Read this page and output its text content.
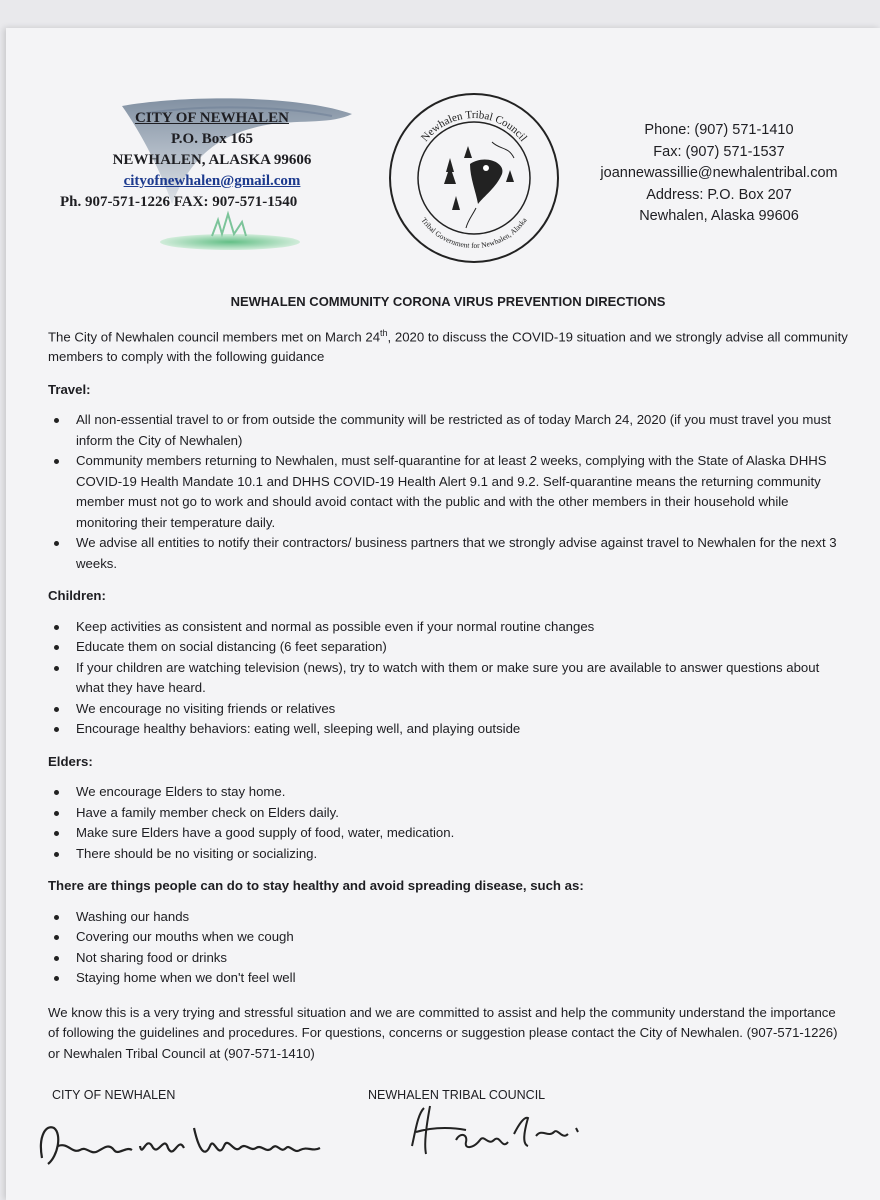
CITY OF NEWHALEN
P.O. Box 165
NEWHALEN, ALASKA 99606
cityofnewhalen@gmail.com
Ph. 907-571-1226 FAX: 907-571-1540
Newhalen Tribal Council
Tribal Government for Newhalen, Alaska
Phone: (907) 571-1410
Fax: (907) 571-1537
joannewassillie@newhalentribal.com
Address: P.O. Box 207
Newhalen, Alaska 99606
NEWHALEN COMMUNITY CORONA VIRUS PREVENTION DIRECTIONS

The City of Newhalen council members met on March 24th, 2020 to discuss the COVID-19 situation and we strongly advise all community members to comply with the following guidance

Travel:
All non-essential travel to or from outside the community will be restricted as of today March 24, 2020 (if you must travel you must inform the City of Newhalen)
Community members returning to Newhalen, must self-quarantine for at least 2 weeks, complying with the State of Alaska DHHS COVID-19 Health Mandate 10.1 and DHHS COVID-19 Health Alert 9.1 and 9.2. Self-quarantine means the returning community member must not go to work and should avoid contact with the public and with the other members in their household while monitoring their temperature daily.
We advise all entities to notify their contractors/ business partners that we strongly advise against travel to Newhalen for the next 3 weeks.
Children:
Keep activities as consistent and normal as possible even if your normal routine changes
Educate them on social distancing (6 feet separation)
If your children are watching television (news), try to watch with them or make sure you are available to answer questions about what they have heard.
We encourage no visiting friends or relatives
Encourage healthy behaviors: eating well, sleeping well, and playing outside
Elders:
We encourage Elders to stay home.
Have a family member check on Elders daily.
Make sure Elders have a good supply of food, water, medication.
There should be no visiting or socializing.
There are things people can do to stay healthy and avoid spreading disease, such as:
Washing our hands
Covering our mouths when we cough
Not sharing food or drinks
Staying home when we don't feel well

We know this is a very trying and stressful situation and we are committed to assist and help the community understand the importance of following the guidelines and procedures. For questions, concerns or suggestion please contact the City of Newhalen. (907-571-1226) or Newhalen Tribal Council at (907-571-1410)

CITY OF NEWHALEN	NEWHALEN TRIBAL COUNCIL
